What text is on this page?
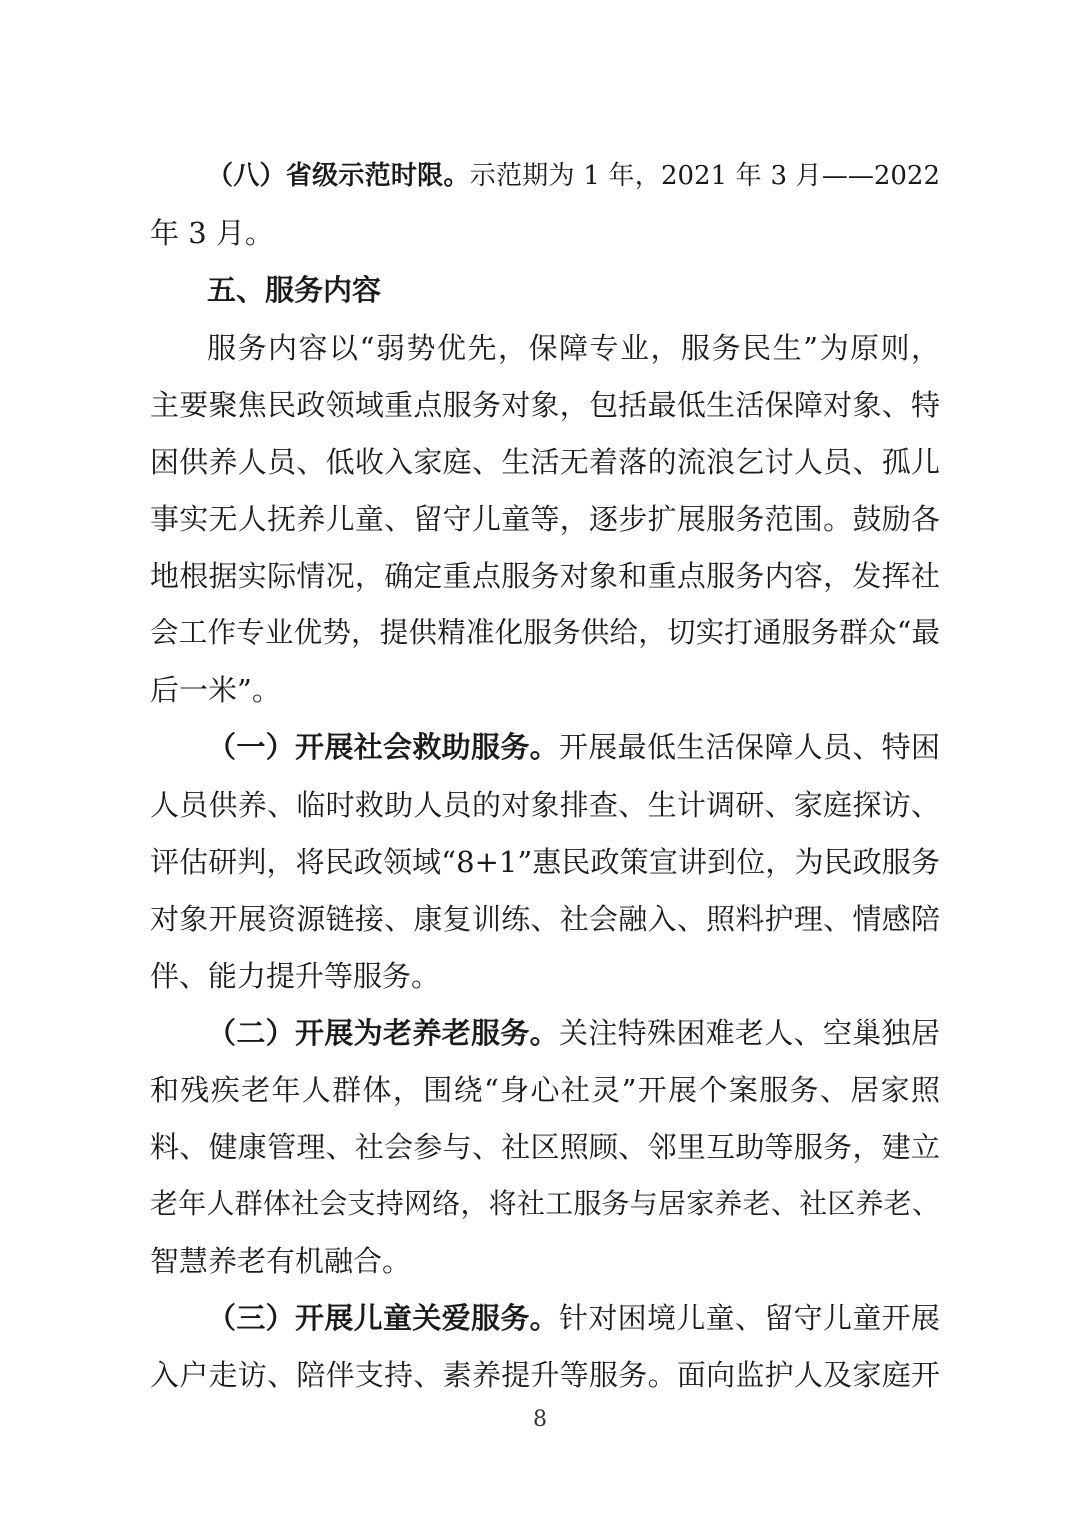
（八）省级示范时限。示范期为 1 年，2021 年 3 月——2022
年 3 月。
五、服务内容
服务内容以“弱势优先，保障专业，服务民生”为原则，
主要聚焦民政领域重点服务对象，包括最低生活保障对象、特
困供养人员、低收入家庭、生活无着落的流浪乞讨人员、孤儿
事实无人抚养儿童、留守儿童等，逐步扩展服务范围。鼓励各
地根据实际情况，确定重点服务对象和重点服务内容，发挥社
会工作专业优势，提供精准化服务供给，切实打通服务群众“最
后一米”。
（一）开展社会救助服务。开展最低生活保障人员、特困
人员供养、临时救助人员的对象排查、生计调研、家庭探访、
评估研判，将民政领域“8+1”惠民政策宣讲到位，为民政服务
对象开展资源链接、康复训练、社会融入、照料护理、情感陪
伴、能力提升等服务。
（二）开展为老养老服务。关注特殊困难老人、空巢独居
和残疾老年人群体，围绕“身心社灵”开展个案服务、居家照
料、健康管理、社会参与、社区照顾、邻里互助等服务，建立
老年人群体社会支持网络，将社工服务与居家养老、社区养老、
智慧养老有机融合。
（三）开展儿童关爱服务。针对困境儿童、留守儿童开展
入户走访、陪伴支持、素养提升等服务。面向监护人及家庭开
8
